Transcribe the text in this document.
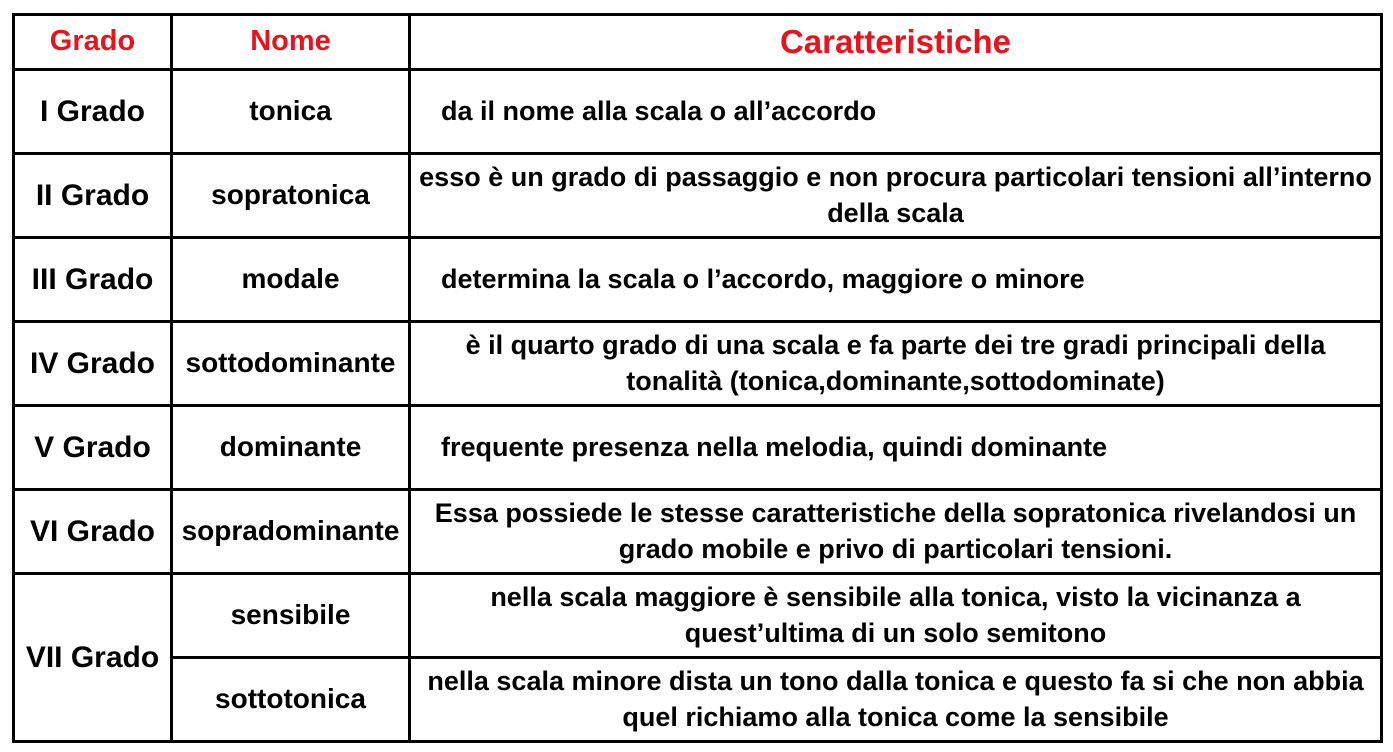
Grado	Nome	Caratteristiche
I Grado	tonica	da il nome alla scala o all’accordo
II Grado	sopratonica	esso è un grado di passaggio e non procura particolari tensioni all’interno della scala
III Grado	modale	determina la scala o l’accordo, maggiore o minore
IV Grado	sottodominante	è il quarto grado di una scala e fa parte dei tre gradi principali della tonalità (tonica,dominante,sottodominate)
V Grado	dominante	frequente presenza nella melodia, quindi dominante
VI Grado	sopradominante	Essa possiede le stesse caratteristiche della sopratonica rivelandosi un grado mobile e privo di particolari tensioni.
VII Grado	sensibile	nella scala maggiore è sensibile alla tonica, visto la vicinanza a quest’ultima di un solo semitono
	sottotonica	nella scala minore dista un tono dalla tonica e questo fa si che non abbia quel richiamo alla tonica come la sensibile
